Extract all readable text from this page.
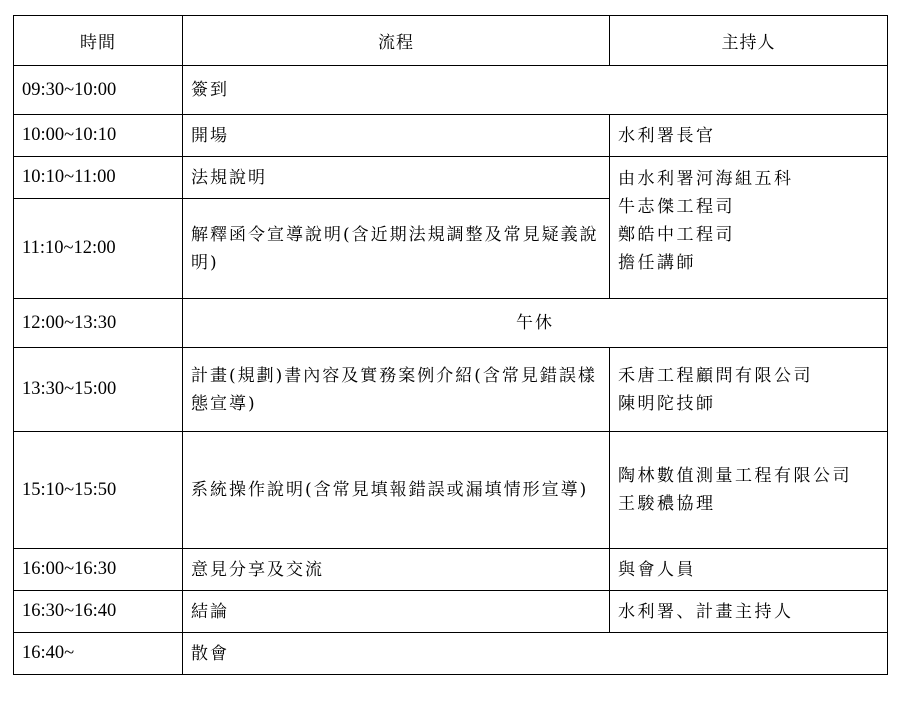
時間	流程	主持人
09:30~10:00	簽到	
10:00~10:10	開場	水利署長官
10:10~11:00	法規說明	由水利署河海組五科
牛志傑工程司
鄭皓中工程司
擔任講師

11:10~12:00	解釋函令宣導說明(含近期法規調整及常見疑義說明)	
12:00~13:30	午休	
13:30~15:00	計畫(規劃)書內容及實務案例介紹(含常見錯誤樣態宣導)	禾唐工程顧問有限公司
陳明陀技師

15:10~15:50	系統操作說明(含常見填報錯誤或漏填情形宣導)	陶林數值測量工程有限公司
王駿穠協理

16:00~16:30	意見分享及交流	與會人員
16:30~16:40	結論	水利署、計畫主持人
16:40~	散會	
